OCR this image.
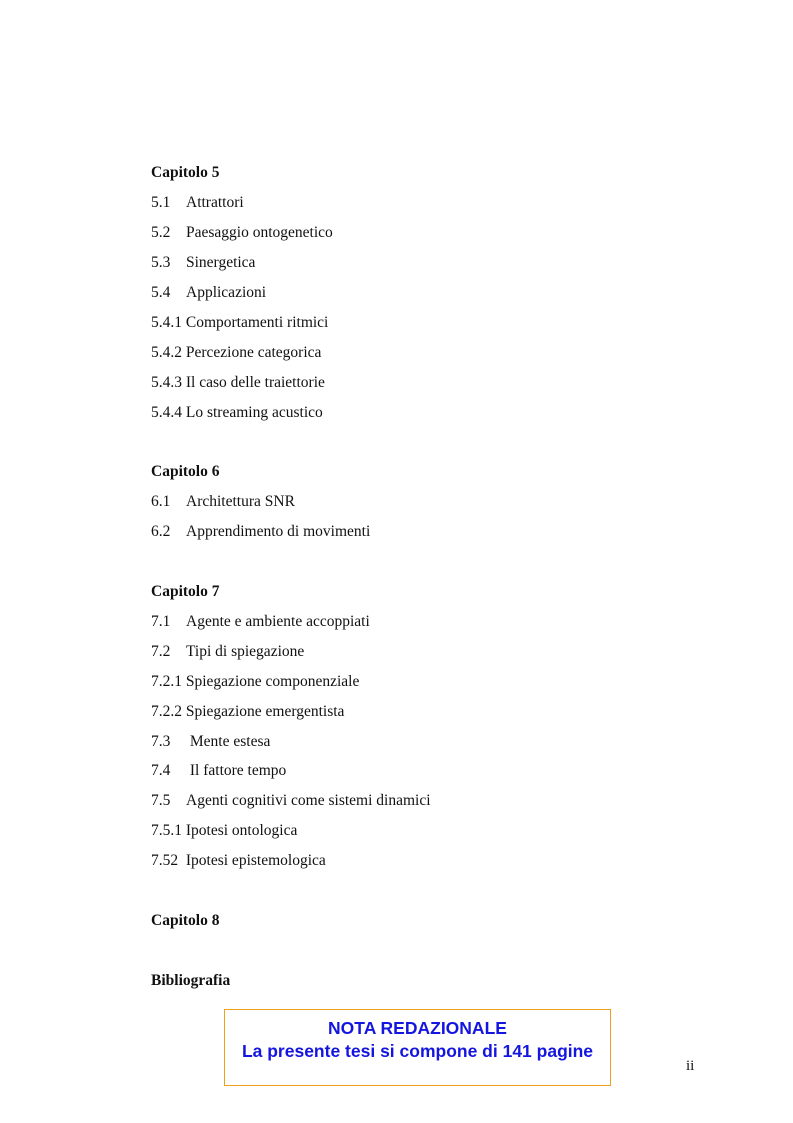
Capitolo 5
5.1 Attrattori
5.2 Paesaggio ontogenetico
5.3 Sinergetica
5.4 Applicazioni
5.4.1 Comportamenti ritmici
5.4.2 Percezione categorica
5.4.3 Il caso delle traiettorie
5.4.4 Lo streaming acustico
Capitolo 6
6.1 Architettura SNR
6.2 Apprendimento di movimenti
Capitolo 7
7.1 Agente e ambiente accoppiati
7.2 Tipi di spiegazione
7.2.1 Spiegazione componenziale
7.2.2 Spiegazione emergentista
7.3 Mente estesa
7.4 Il fattore tempo
7.5 Agenti cognitivi come sistemi dinamici
7.5.1 Ipotesi ontologica
7.52  Ipotesi epistemologica
Capitolo 8
Bibliografia
NOTA REDAZIONALE
La presente tesi si compone di 141 pagine
ii
